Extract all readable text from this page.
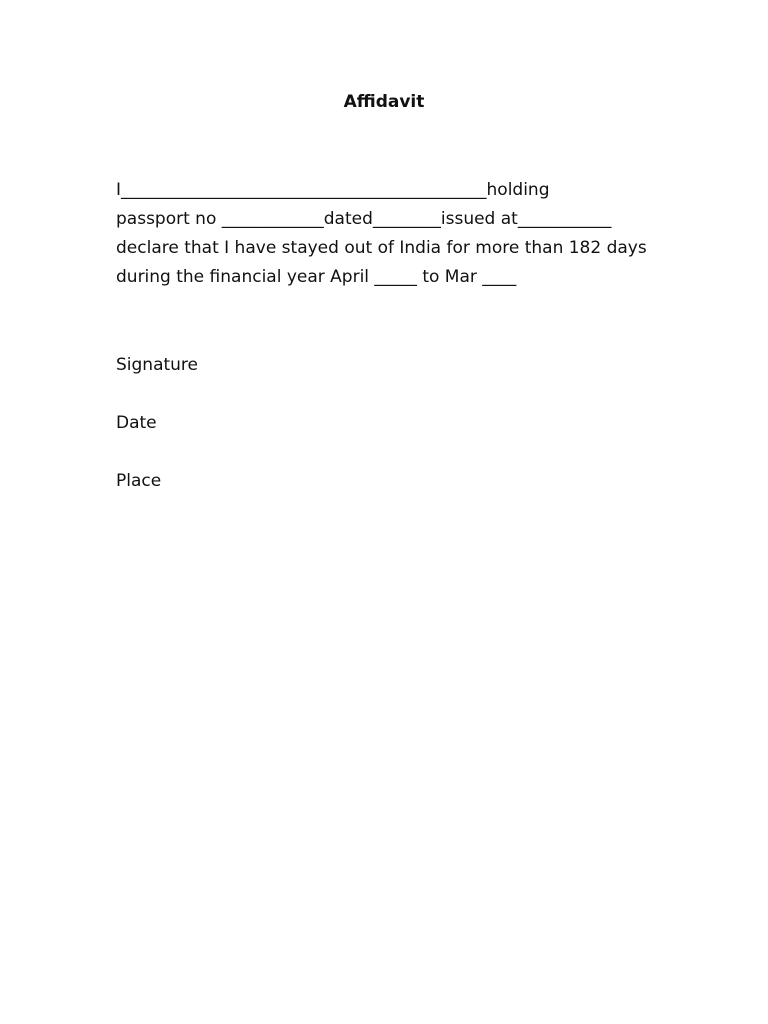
Affidavit
I___________________________________________holding
passport no ____________dated________issued at___________
declare that I have stayed out of India for more than 182 days
during the financial year April _____ to Mar ____
Signature
Date
Place
